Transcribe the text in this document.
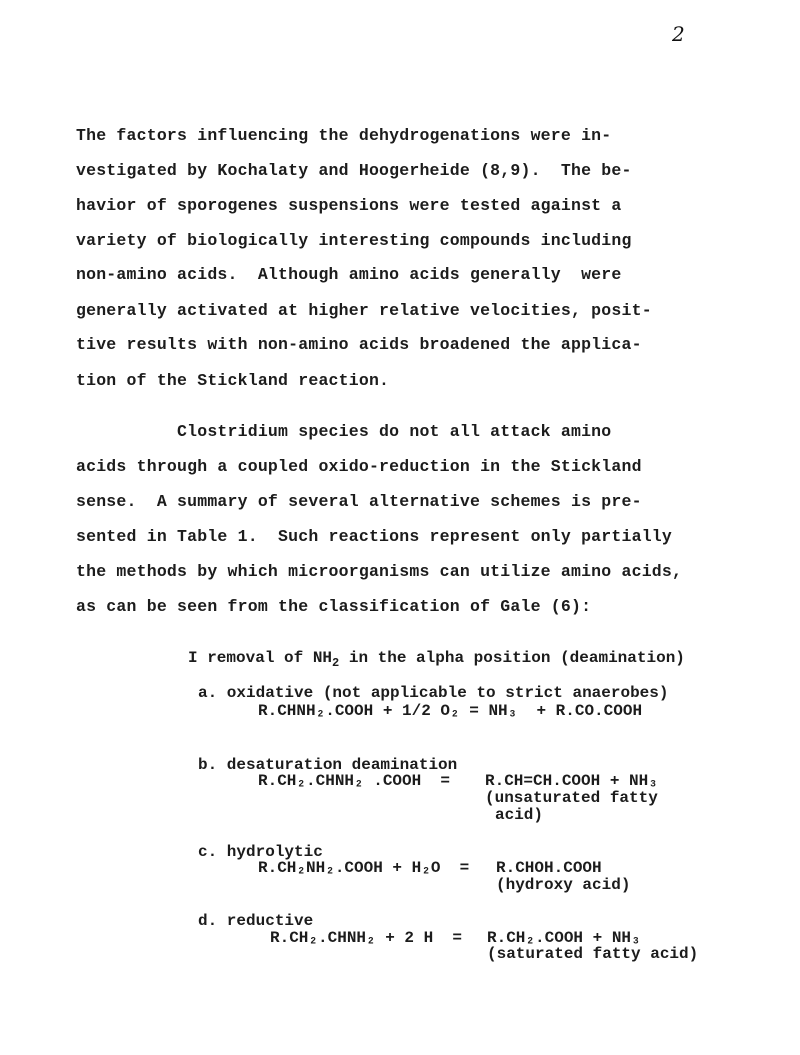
2
The factors influencing the dehydrogenations were in-
vestigated by Kochalaty and Hoogerheide (8,9).  The be-
havior of sporogenes suspensions were tested against a
variety of biologically interesting compounds including
non-amino acids.  Although amino acids generally  were
generally activated at higher relative velocities, posit-
tive results with non-amino acids broadened the applica-
tion of the Stickland reaction.
Clostridium species do not all attack amino
acids through a coupled oxido-reduction in the Stickland
sense.  A summary of several alternative schemes is pre-
sented in Table 1.  Such reactions represent only partially
the methods by which microorganisms can utilize amino acids,
as can be seen from the classification of Gale (6):
I removal of $NH_2$ in the alpha position (deamination)
a. oxidative (not applicable to strict anaerobes)
R.CHNH₂.COOH + 1/2 O₂ = NH₃  + R.CO.COOH
b. desaturation deamination
R.CH₂.CHNH₂ .COOH  = R.CH=CH.COOH + NH₃
(unsaturated fatty
acid)
c. hydrolytic
R.CH₂NH₂.COOH + H₂O  = R.CHOH.COOH
(hydroxy acid)
d. reductive
R.CH₂.CHNH₂ + 2 H  = R.CH₂.COOH + NH₃
(saturated fatty acid)
